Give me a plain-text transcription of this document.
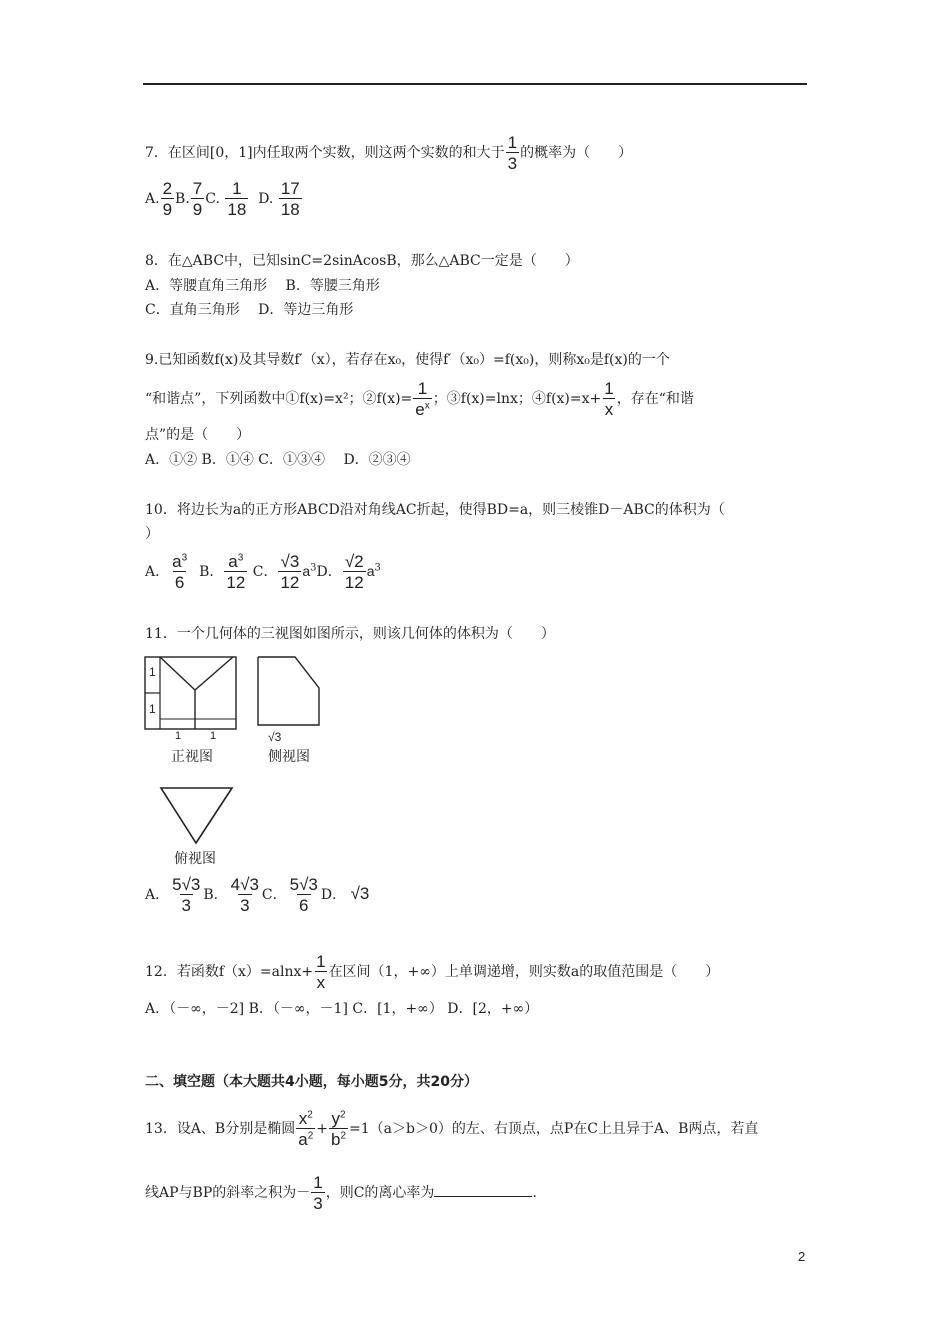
7．在区间[0，1]内任取两个实数，则这两个实数的和大于 $\frac{1}{3}$ 的概率为（　　）
A. $\frac{2}{9} B$. $\frac{7}{9} C$. $\frac{1}{18} D$. $\frac{17}{18}$
8．在△ABC中，已知sinC=2sinAcosB，那么△ABC一定是（　　）
A．等腰直角三角形　 B．等腰三角形
C．直角三角形　 D．等边三角形
9.已知函数f(x)及其导数f′（x），若存在x₀，使得f′（x₀）=f(x₀)，则称x₀是f(x)的一个
“和谐点”，下列函数中①f(x)=x²；②f(x)= $\frac{1}{e^x}$ ；③f(x)=lnx；④f(x)=x+ $\frac{1}{x}$ ，存在“和谐
点”的是（　　）
A．①② B．①④ C．①③④　 D．②③④
10．将边长为a的正方形ABCD沿对角线AC折起，使得BD=a，则三棱锥D－ABC的体积为（
）
A． $\frac{a^3}{6}$ B． $\frac{a^3}{12}$ C． $\frac{√3}{12} a^3D$． $\frac{√2}{12} a^3$
11．一个几何体的三视图如图所示，则该几何体的体积为（　　）
1
1
1	1
正视图
√3
侧视图
俯视图
A． $\frac{5√3}{3}$ B． $\frac{4√3}{3}$ C． $\frac{5√3}{6}$ D． √3
12．若函数$f(x)=alnx+ \frac{1}{x}$ 在区间（1，+∞）上单调递增，则实数a的取值范围是（　　）
A．（－∞，－2] B．（－∞，－1] C．[1，+∞） D．[2，+∞）
二、填空题（本大题共4小题，每小题5分，共20分）
13．设A、B分别是椭圆 $\frac{x^2}{a^2} + \frac{y^2}{b^2} =1(a>b>0)$的左、右顶点，点P在C上且异于A、B两点，若直
线AP与BP的斜率之积为－ $\frac{1}{3}$ ，则C的离心率为	．
2
